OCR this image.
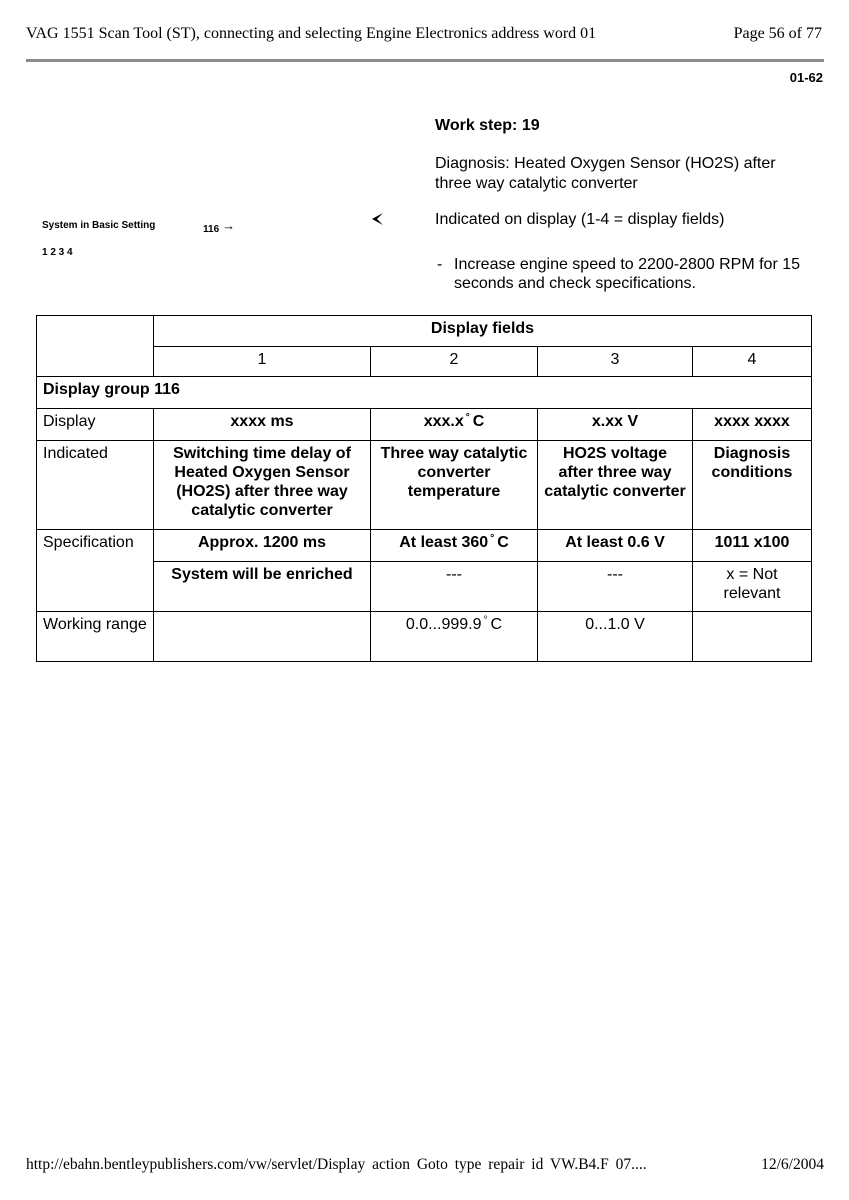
VAG 1551 Scan Tool (ST), connecting and selecting Engine Electronics address word 01	Page 56 of 77
01-62
Work step: 19
Diagnosis: Heated Oxygen Sensor (HO2S) after three way catalytic converter
Indicated on display (1-4 = display fields)
- Increase engine speed to 2200-2800 RPM for 15 seconds and check specifications.
System in Basic Setting	116 →
1 2 3 4
	Display fields			
	1	2	3	4
Display group 116				
Display	xxxx ms	xxx.x ° C	x.xx V	xxxx xxxx
Indicated	Switching time delay of Heated Oxygen Sensor (HO2S) after three way catalytic converter	Three way catalytic converter temperature	HO2S voltage after three way catalytic converter	Diagnosis conditions
Specification	Approx. 1200 ms	At least 360 ° C	At least 0.6 V	1011 x100
	System will be enriched	---	---	x = Not relevant
Working range		0.0...999.9 ° C	0...1.0 V	
http://ebahn.bentleypublishers.com/vw/servlet/Display action Goto type repair id VW.B4.F 07....	12/6/2004
